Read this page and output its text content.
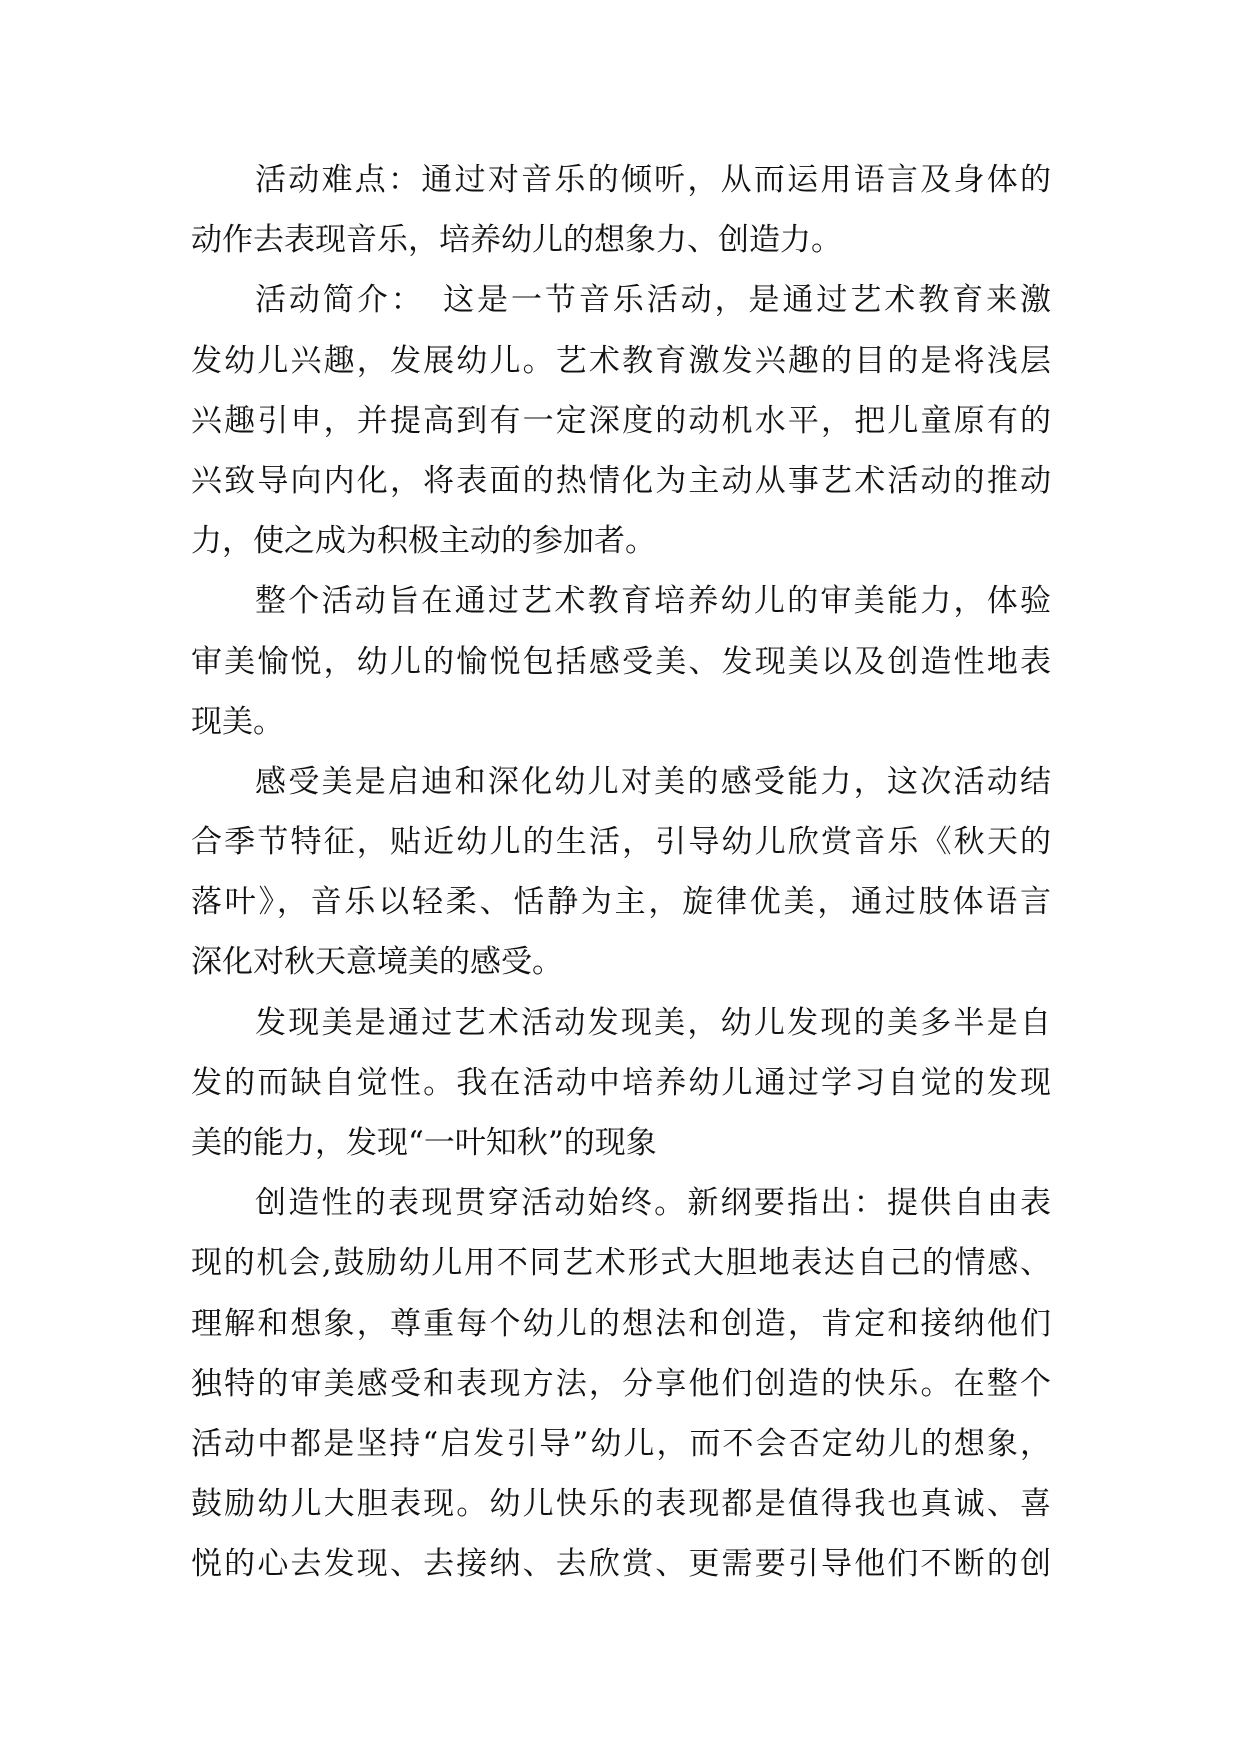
活动难点：通过对音乐的倾听，从而运用语言及身体的
动作去表现音乐，培养幼儿的想象力、创造力。
活动简介：　这是一节音乐活动，是通过艺术教育来激
发幼儿兴趣，发展幼儿。艺术教育激发兴趣的目的是将浅层
兴趣引申，并提高到有一定深度的动机水平，把儿童原有的
兴致导向内化，将表面的热情化为主动从事艺术活动的推动
力，使之成为积极主动的参加者。
整个活动旨在通过艺术教育培养幼儿的审美能力，体验
审美愉悦，幼儿的愉悦包括感受美、发现美以及创造性地表
现美。
感受美是启迪和深化幼儿对美的感受能力，这次活动结
合季节特征，贴近幼儿的生活，引导幼儿欣赏音乐《秋天的
落叶》，音乐以轻柔、恬静为主，旋律优美，通过肢体语言
深化对秋天意境美的感受。
发现美是通过艺术活动发现美，幼儿发现的美多半是自
发的而缺自觉性。我在活动中培养幼儿通过学习自觉的发现
美的能力，发现“一叶知秋”的现象
创造性的表现贯穿活动始终。新纲要指出：提供自由表
现的机会,鼓励幼儿用不同艺术形式大胆地表达自己的情感、
理解和想象，尊重每个幼儿的想法和创造，肯定和接纳他们
独特的审美感受和表现方法，分享他们创造的快乐。在整个
活动中都是坚持“启发引导”幼儿，而不会否定幼儿的想象，
鼓励幼儿大胆表现。幼儿快乐的表现都是值得我也真诚、喜
悦的心去发现、去接纳、去欣赏、更需要引导他们不断的创
